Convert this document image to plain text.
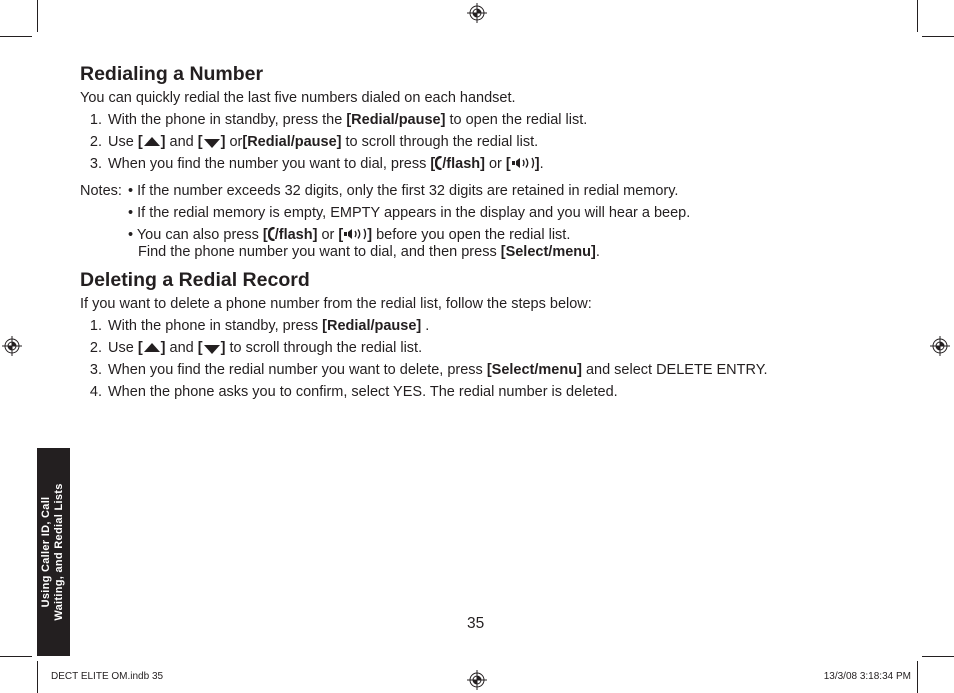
Redialing a Number
You can quickly redial the last five numbers dialed on each handset.
1. With the phone in standby, press the [Redial/pause] to open the redial list.
2. Use [ ] and [ ] or[Redial/pause] to scroll through the redial list.
3. When you find the number you want to dial, press [ /flash] or [ ].
Notes: • If the number exceeds 32 digits, only the first 32 digits are retained in redial memory.
• If the redial memory is empty, EMPTY appears in the display and you will hear a beep.
• You can also press [ /flash] or [ ] before you open the redial list.
Find the phone number you want to dial, and then press [Select/menu].
Deleting a Redial Record
If you want to delete a phone number from the redial list, follow the steps below:
1. With the phone in standby, press [Redial/pause] .
2. Use [ ] and [ ] to scroll through the redial list.
3. When you find the redial number you want to delete, press [Select/menu] and select DELETE ENTRY.
4. When the phone asks you to confirm, select YES. The redial number is deleted.
Using Caller ID, Call Waiting, and Redial Lists
35
DECT ELITE OM.indb 35	13/3/08 3:18:34 PM
